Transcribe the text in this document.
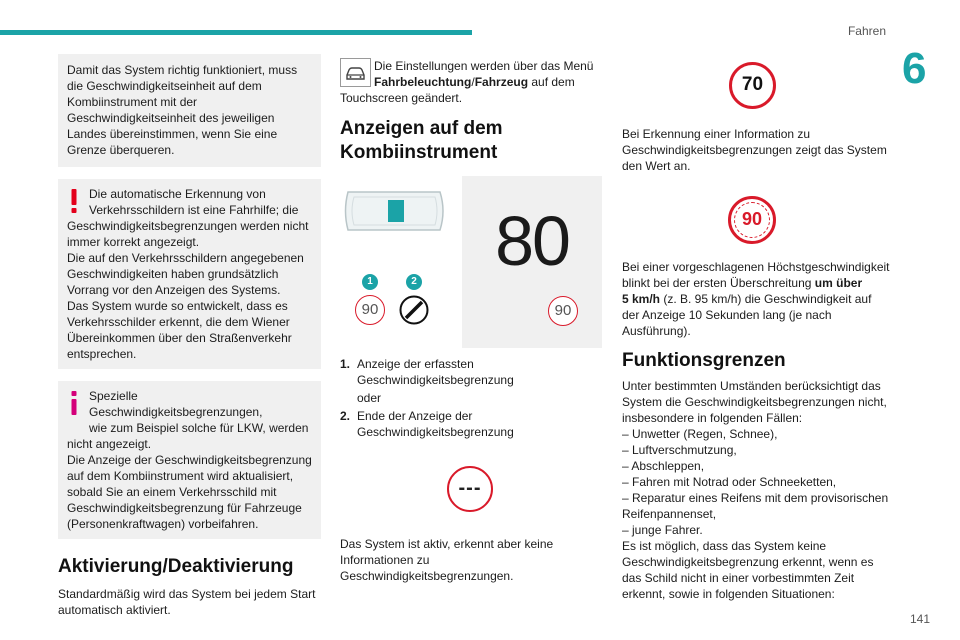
Fahren
6

Damit das System richtig funktioniert, muss die Geschwindigkeitseinheit auf dem Kombiinstrument mit der Geschwindigkeitseinheit des jeweiligen Landes übereinstimmen, wenn Sie eine Grenze überqueren.

Die automatische Erkennung von

Verkehrsschildern ist eine Fahrhilfe; die

Geschwindigkeitsbegrenzungen werden nicht immer korrekt angezeigt.

Die auf den Verkehrsschildern angegebenen Geschwindigkeiten haben grundsätzlich Vorrang vor den Anzeigen des Systems.

Das System wurde so entwickelt, dass es Verkehrsschilder erkennt, die dem Wiener Übereinkommen über den Straßenverkehr entsprechen.

Spezielle Geschwindigkeitsbegrenzungen,

wie zum Beispiel solche für LKW, werden

nicht angezeigt.

Die Anzeige der Geschwindigkeitsbegrenzung auf dem Kombiinstrument wird aktualisiert, sobald Sie an einem Verkehrsschild mit Geschwindigkeitsbegrenzung für Fahrzeuge (Personenkraftwagen) vorbeifahren.

Aktivierung/Deaktivierung

Standardmäßig wird das System bei jedem Start automatisch aktiviert.

Die Einstellungen werden über das Menü

Fahrbeleuchtung/Fahrzeug auf dem

Touchscreen geändert.

Anzeigen auf dem Kombiinstrument
1	2
90
80
90
1. Anzeige der erfassten Geschwindigkeitsbegrenzung
oder
2. Ende der Anzeige der Geschwindigkeitsbegrenzung
---

Das System ist aktiv, erkennt aber keine Informationen zu Geschwindigkeitsbegrenzungen.

70

Bei Erkennung einer Information zu Geschwindigkeitsbegrenzungen zeigt das System den Wert an.

90

Bei einer vorgeschlagenen Höchstgeschwindigkeit blinkt bei der ersten Überschreitung um über
5 km/h (z. B. 95 km/h) die Geschwindigkeit auf der Anzeige 10 Sekunden lang (je nach Ausführung).

Funktionsgrenzen

Unter bestimmten Umständen berücksichtigt das System die Geschwindigkeitsbegrenzungen nicht, insbesondere in folgenden Fällen:

– Unwetter (Regen, Schnee),

– Luftverschmutzung,

– Abschleppen,

– Fahren mit Notrad oder Schneeketten,

– Reparatur eines Reifens mit dem provisorischen Reifenpannenset,

– junge Fahrer.

Es ist möglich, dass das System keine Geschwindigkeitsbegrenzung erkennt, wenn es das Schild nicht in einer vorbestimmten Zeit erkennt, sowie in folgenden Situationen:

141
